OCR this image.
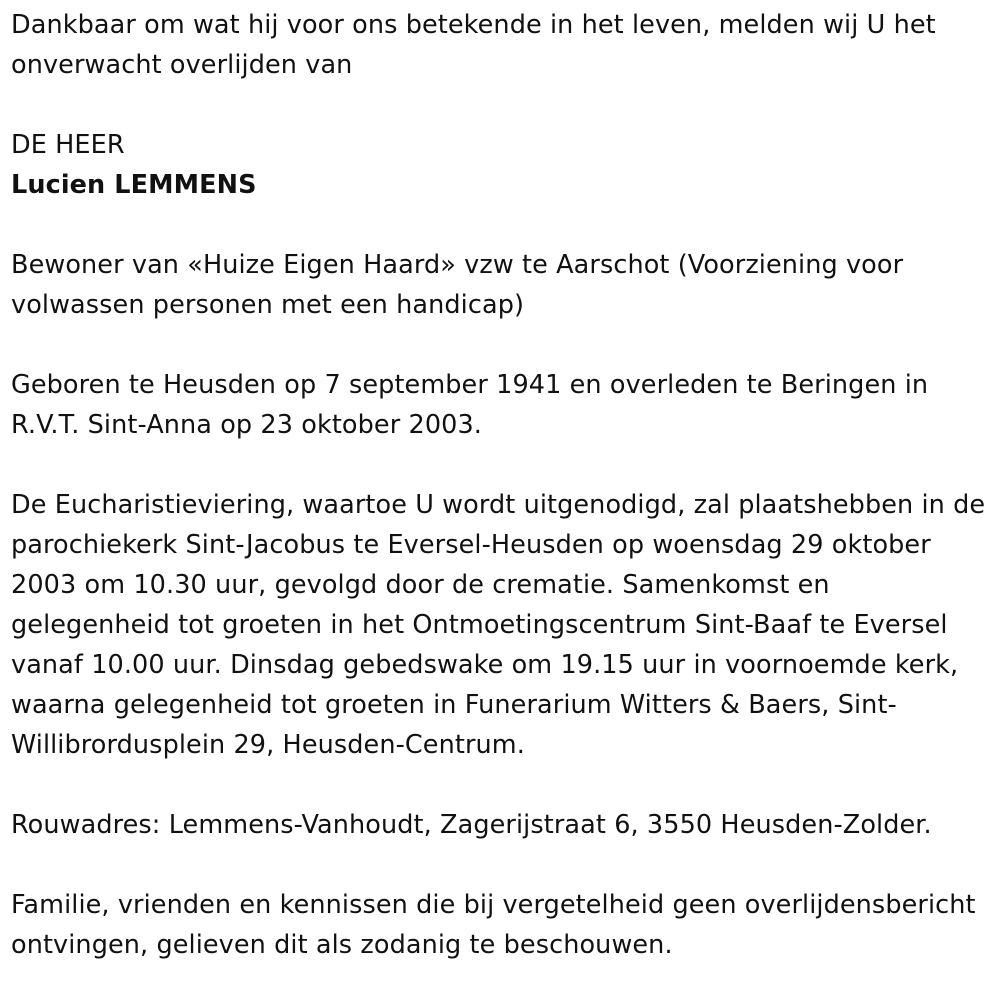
Dankbaar om wat hij voor ons betekende in het leven, melden wij U het onverwacht overlijden van

DE HEER

Lucien LEMMENS

Bewoner van «Huize Eigen Haard» vzw te Aarschot (Voorziening voor volwassen personen met een handicap)

Geboren te Heusden op 7 september 1941 en overleden te Beringen in R.V.T. Sint-Anna op 23 oktober 2003.

De Eucharistieviering, waartoe U wordt uitgenodigd, zal plaatshebben in de parochiekerk Sint-Jacobus te Eversel-Heusden op woensdag 29 oktober 2003 om 10.30 uur, gevolgd door de crematie. Samenkomst en gelegenheid tot groeten in het Ontmoetingscentrum Sint-Baaf te Eversel vanaf 10.00 uur. Dinsdag gebedswake om 19.15 uur in voornoemde kerk, waarna gelegenheid tot groeten in Funerarium Witters & Baers, Sint-Willibrordusplein 29, Heusden-Centrum.

Rouwadres: Lemmens-Vanhoudt, Zagerijstraat 6, 3550 Heusden-Zolder.

Familie, vrienden en kennissen die bij vergetelheid geen overlijdensbericht ontvingen, gelieven dit als zodanig te beschouwen.
